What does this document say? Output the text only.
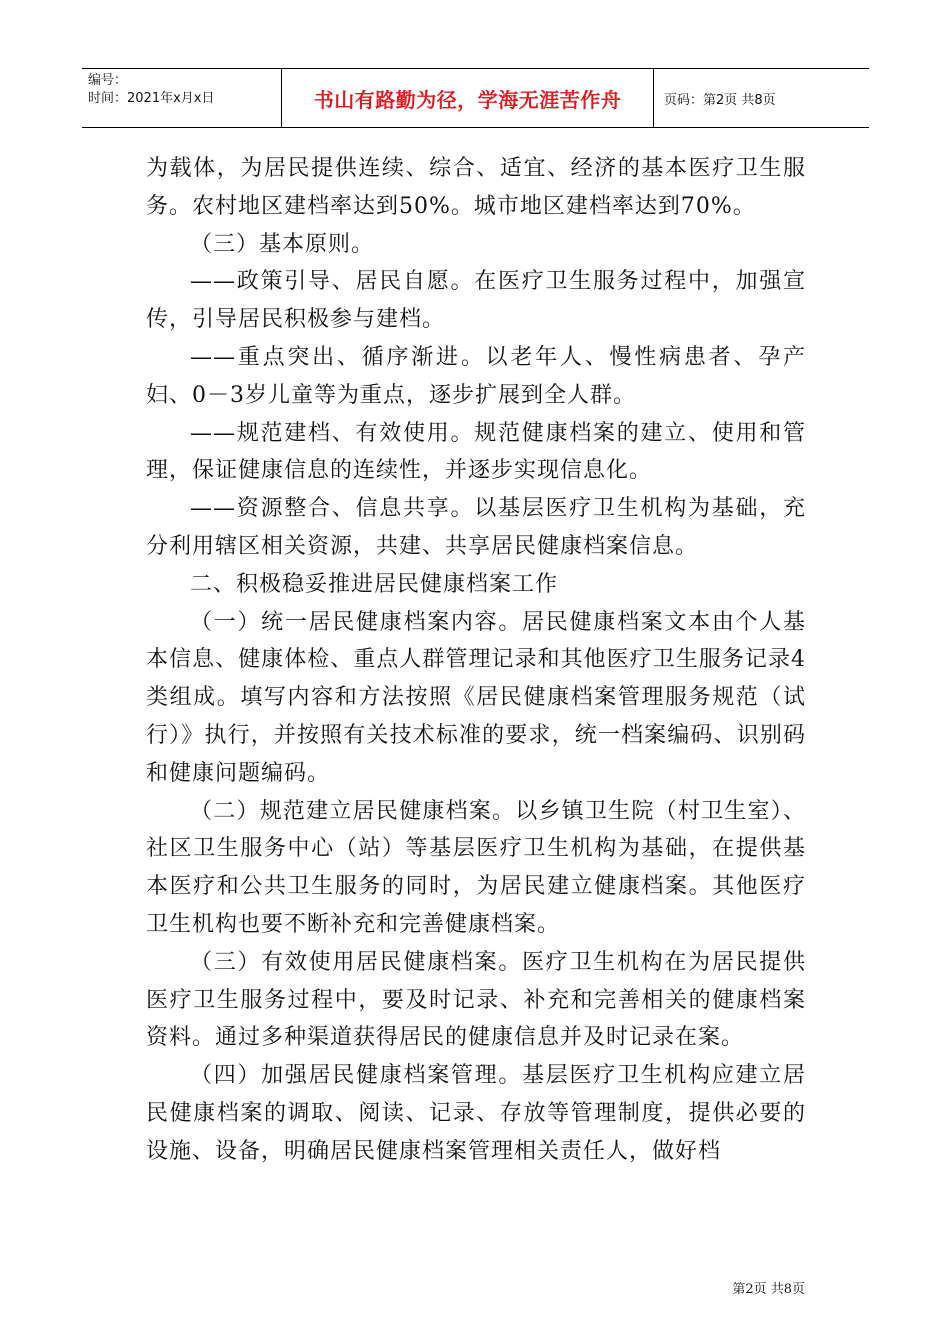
编号：
时间：2021年x月x日	书山有路勤为径，学海无涯苦作舟	页码：第2页 共8页

为载体，为居民提供连续、综合、适宜、经济的基本医疗卫生服务。农村地区建档率达到50%。城市地区建档率达到70%。

（三）基本原则。

——政策引导、居民自愿。在医疗卫生服务过程中，加强宣传，引导居民积极参与建档。

——重点突出、循序渐进。以老年人、慢性病患者、孕产妇、0－3岁儿童等为重点，逐步扩展到全人群。

——规范建档、有效使用。规范健康档案的建立、使用和管理，保证健康信息的连续性，并逐步实现信息化。

——资源整合、信息共享。以基层医疗卫生机构为基础，充分利用辖区相关资源，共建、共享居民健康档案信息。

二、积极稳妥推进居民健康档案工作

（一）统一居民健康档案内容。居民健康档案文本由个人基本信息、健康体检、重点人群管理记录和其他医疗卫生服务记录4类组成。填写内容和方法按照《居民健康档案管理服务规范（试行）》执行，并按照有关技术标准的要求，统一档案编码、识别码和健康问题编码。

（二）规范建立居民健康档案。以乡镇卫生院（村卫生室）、社区卫生服务中心（站）等基层医疗卫生机构为基础，在提供基本医疗和公共卫生服务的同时，为居民建立健康档案。其他医疗卫生机构也要不断补充和完善健康档案。

（三）有效使用居民健康档案。医疗卫生机构在为居民提供医疗卫生服务过程中，要及时记录、补充和完善相关的健康档案资料。通过多种渠道获得居民的健康信息并及时记录在案。

（四）加强居民健康档案管理。基层医疗卫生机构应建立居民健康档案的调取、阅读、记录、存放等管理制度，提供必要的设施、设备，明确居民健康档案管理相关责任人，做好档

第2页 共8页
